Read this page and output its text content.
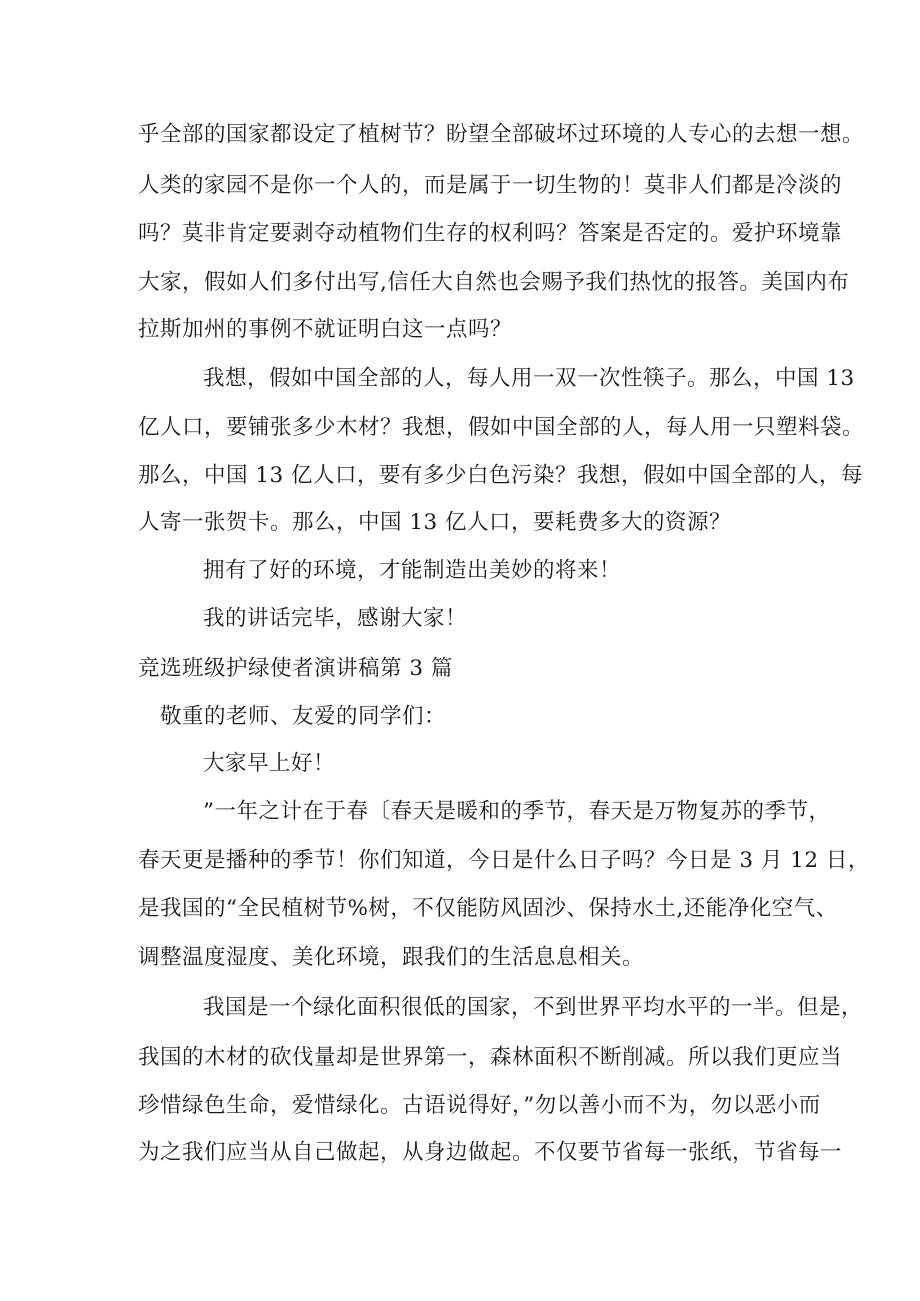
乎全部的国家都设定了植树节？盼望全部破坏过环境的人专心的去想一想。
人类的家园不是你一个人的，而是属于一切生物的！莫非人们都是冷淡的
吗？莫非肯定要剥夺动植物们生存的权利吗？答案是否定的。爱护环境靠
大家，假如人们多付出写,信任大自然也会赐予我们热忱的报答。美国内布
拉斯加州的事例不就证明白这一点吗？
我想，假如中国全部的人，每人用一双一次性筷子。那么，中国 13
亿人口，要铺张多少木材？我想，假如中国全部的人，每人用一只塑料袋。
那么，中国 13 亿人口，要有多少白色污染？我想，假如中国全部的人，每
人寄一张贺卡。那么，中国 13 亿人口，要耗费多大的资源？
拥有了好的环境，才能制造出美妙的将来！
我的讲话完毕，感谢大家！
竞选班级护绿使者演讲稿第 3 篇
敬重的老师、友爱的同学们：
大家早上好！
”一年之计在于春〔春天是暖和的季节，春天是万物复苏的季节，
春天更是播种的季节！你们知道，今日是什么日子吗？今日是 3 月 12 日，
是我国的“全民植树节%树，不仅能防风固沙、保持水土,还能净化空气、
调整温度湿度、美化环境，跟我们的生活息息相关。
我国是一个绿化面积很低的国家，不到世界平均水平的一半。但是，
我国的木材的砍伐量却是世界第一，森林面积不断削减。所以我们更应当
珍惜绿色生命，爱惜绿化。古语说得好，”勿以善小而不为，勿以恶小而
为之我们应当从自己做起，从身边做起。不仅要节省每一张纸，节省每一
